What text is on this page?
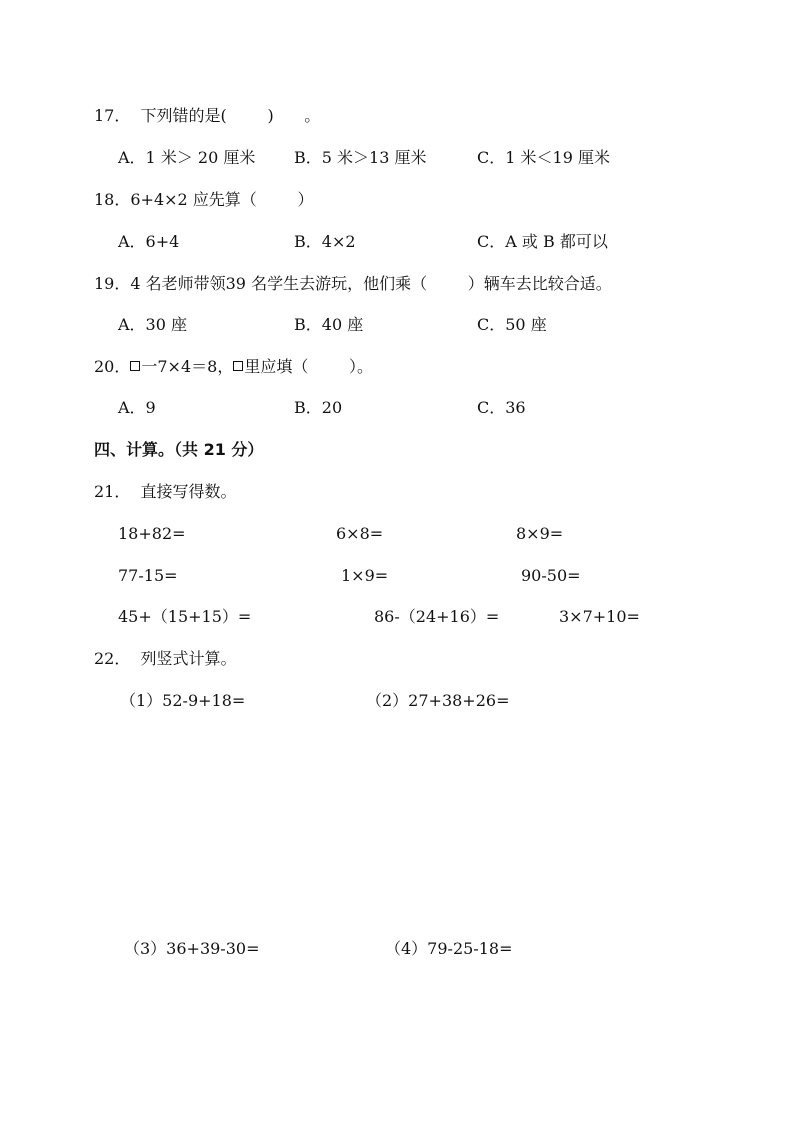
17．  下列错的是(        )      。
A．1 米＞ 20 厘米 B．5 米＞13 厘米	C．1 米＜19 厘米
18．6+4×2 应先算（        ）
A．6+4	B．4×2	C．A 或 B 都可以
19．4 名老师带领39 名学生去游玩，他们乘（        ）辆车去比较合适。
A．30 座	B．40 座	C．50 座
20． 一7×4＝8， 里应填（        ）。
A．9	B．20	C．36
四、计算。（共 21 分）
21．  直接写得数。
18+82=	6×8=	8×9=
77-15=	1×9=	90-50=
45+（15+15）=	86-（24+16）=	3×7+10=
22．  列竖式计算。
（1）52-9+18=	（2）27+38+26=
（3）36+39-30=	（4）79-25-18=
